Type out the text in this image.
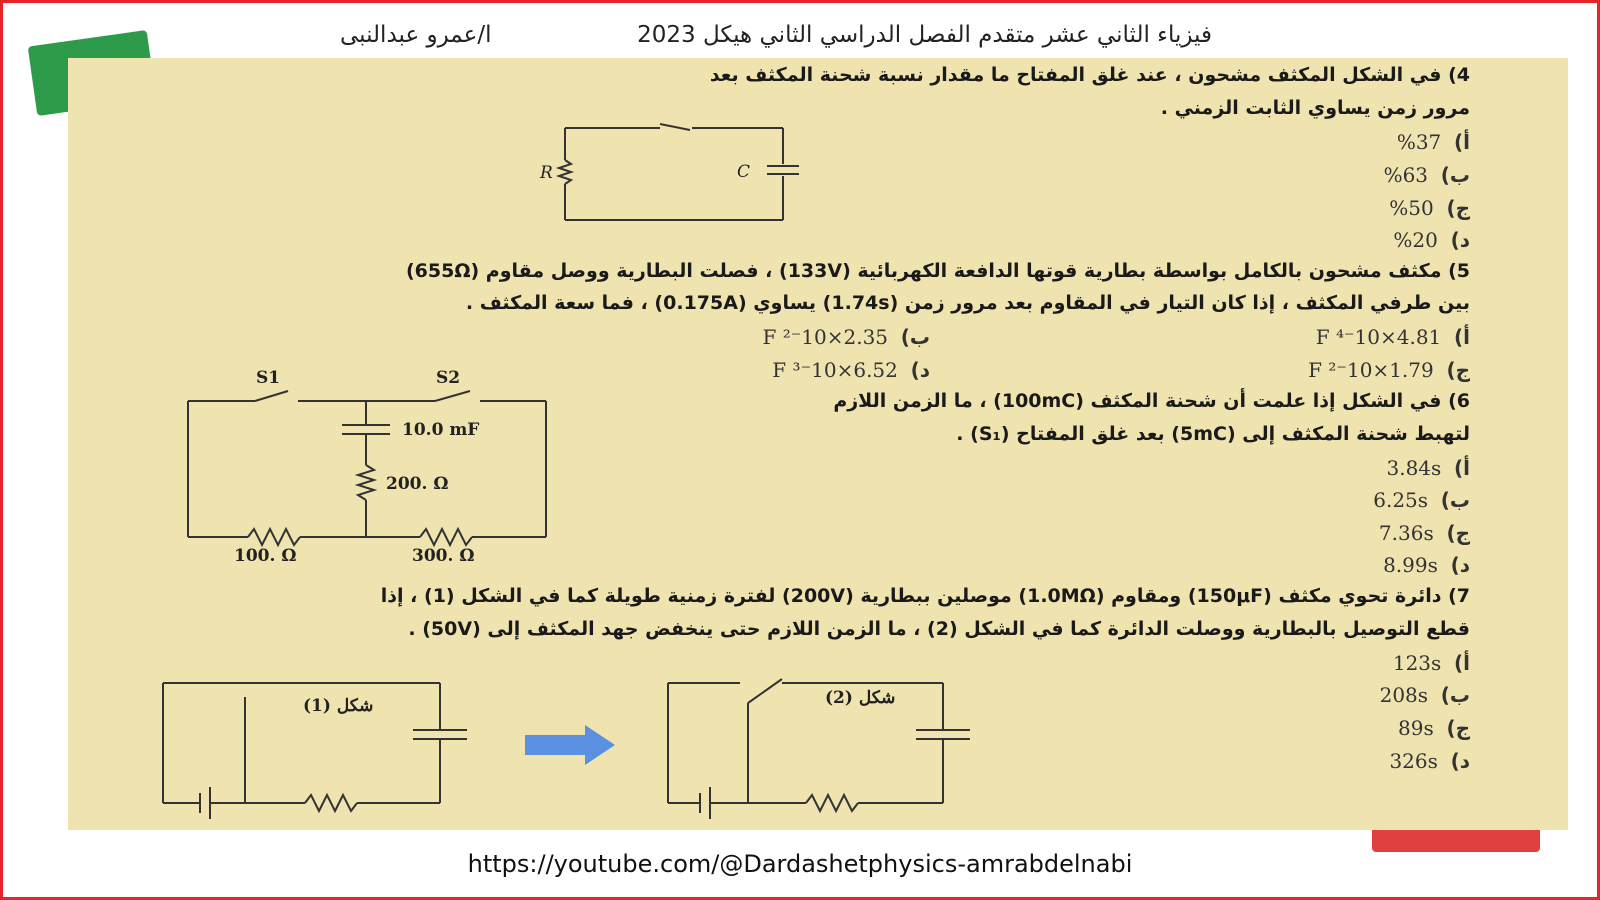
فيزياء الثاني عشر متقدم الفصل الدراسي الثاني هيكل 2023
ا/عمرو عبدالنبى
4) في الشكل المكثف مشحون ، عند غلق المفتاح ما مقدار نسبة شحنة المكثف بعد
مرور زمن يساوي الثابت الزمني .
أ)  37%
ب)  63%
ج)  50%
د)  20%
R	C
5) مكثف مشحون بالكامل بواسطة بطارية قوتها الدافعة الكهربائية (133V) ، فصلت البطارية ووصل مقاوم (655Ω)
بين طرفي المكثف ، إذا كان التيار في المقاوم بعد مرور زمن (1.74s) يساوي (0.175A) ، فما سعة المكثف .
أ)  4.81×10⁻⁴ F
ب)  2.35×10⁻² F
ج)  1.79×10⁻² F
د)  6.52×10⁻³ F
6) في الشكل إذا علمت أن شحنة المكثف (100mC) ، ما الزمن اللازم
لتهبط شحنة المكثف إلى (5mC) بعد غلق المفتاح (S₁) .
أ)  3.84s
ب)  6.25s
ج)  7.36s
د)  8.99s
S1	S2
10.0 mF
200. Ω
100. Ω	300. Ω
7) دائرة تحوي مكثف (150μF) ومقاوم (1.0MΩ) موصلين ببطارية (200V) لفترة زمنية طويلة كما في الشكل (1) ، إذا
قطع التوصيل بالبطارية ووصلت الدائرة كما في الشكل (2) ، ما الزمن اللازم حتى ينخفض جهد المكثف إلى (50V) .
أ)  123s
ب)  208s
ج)  89s
د)  326s
شكل (1)	شكل (2)
https://youtube.com/@Dardashetphysics-amrabdelnabi
